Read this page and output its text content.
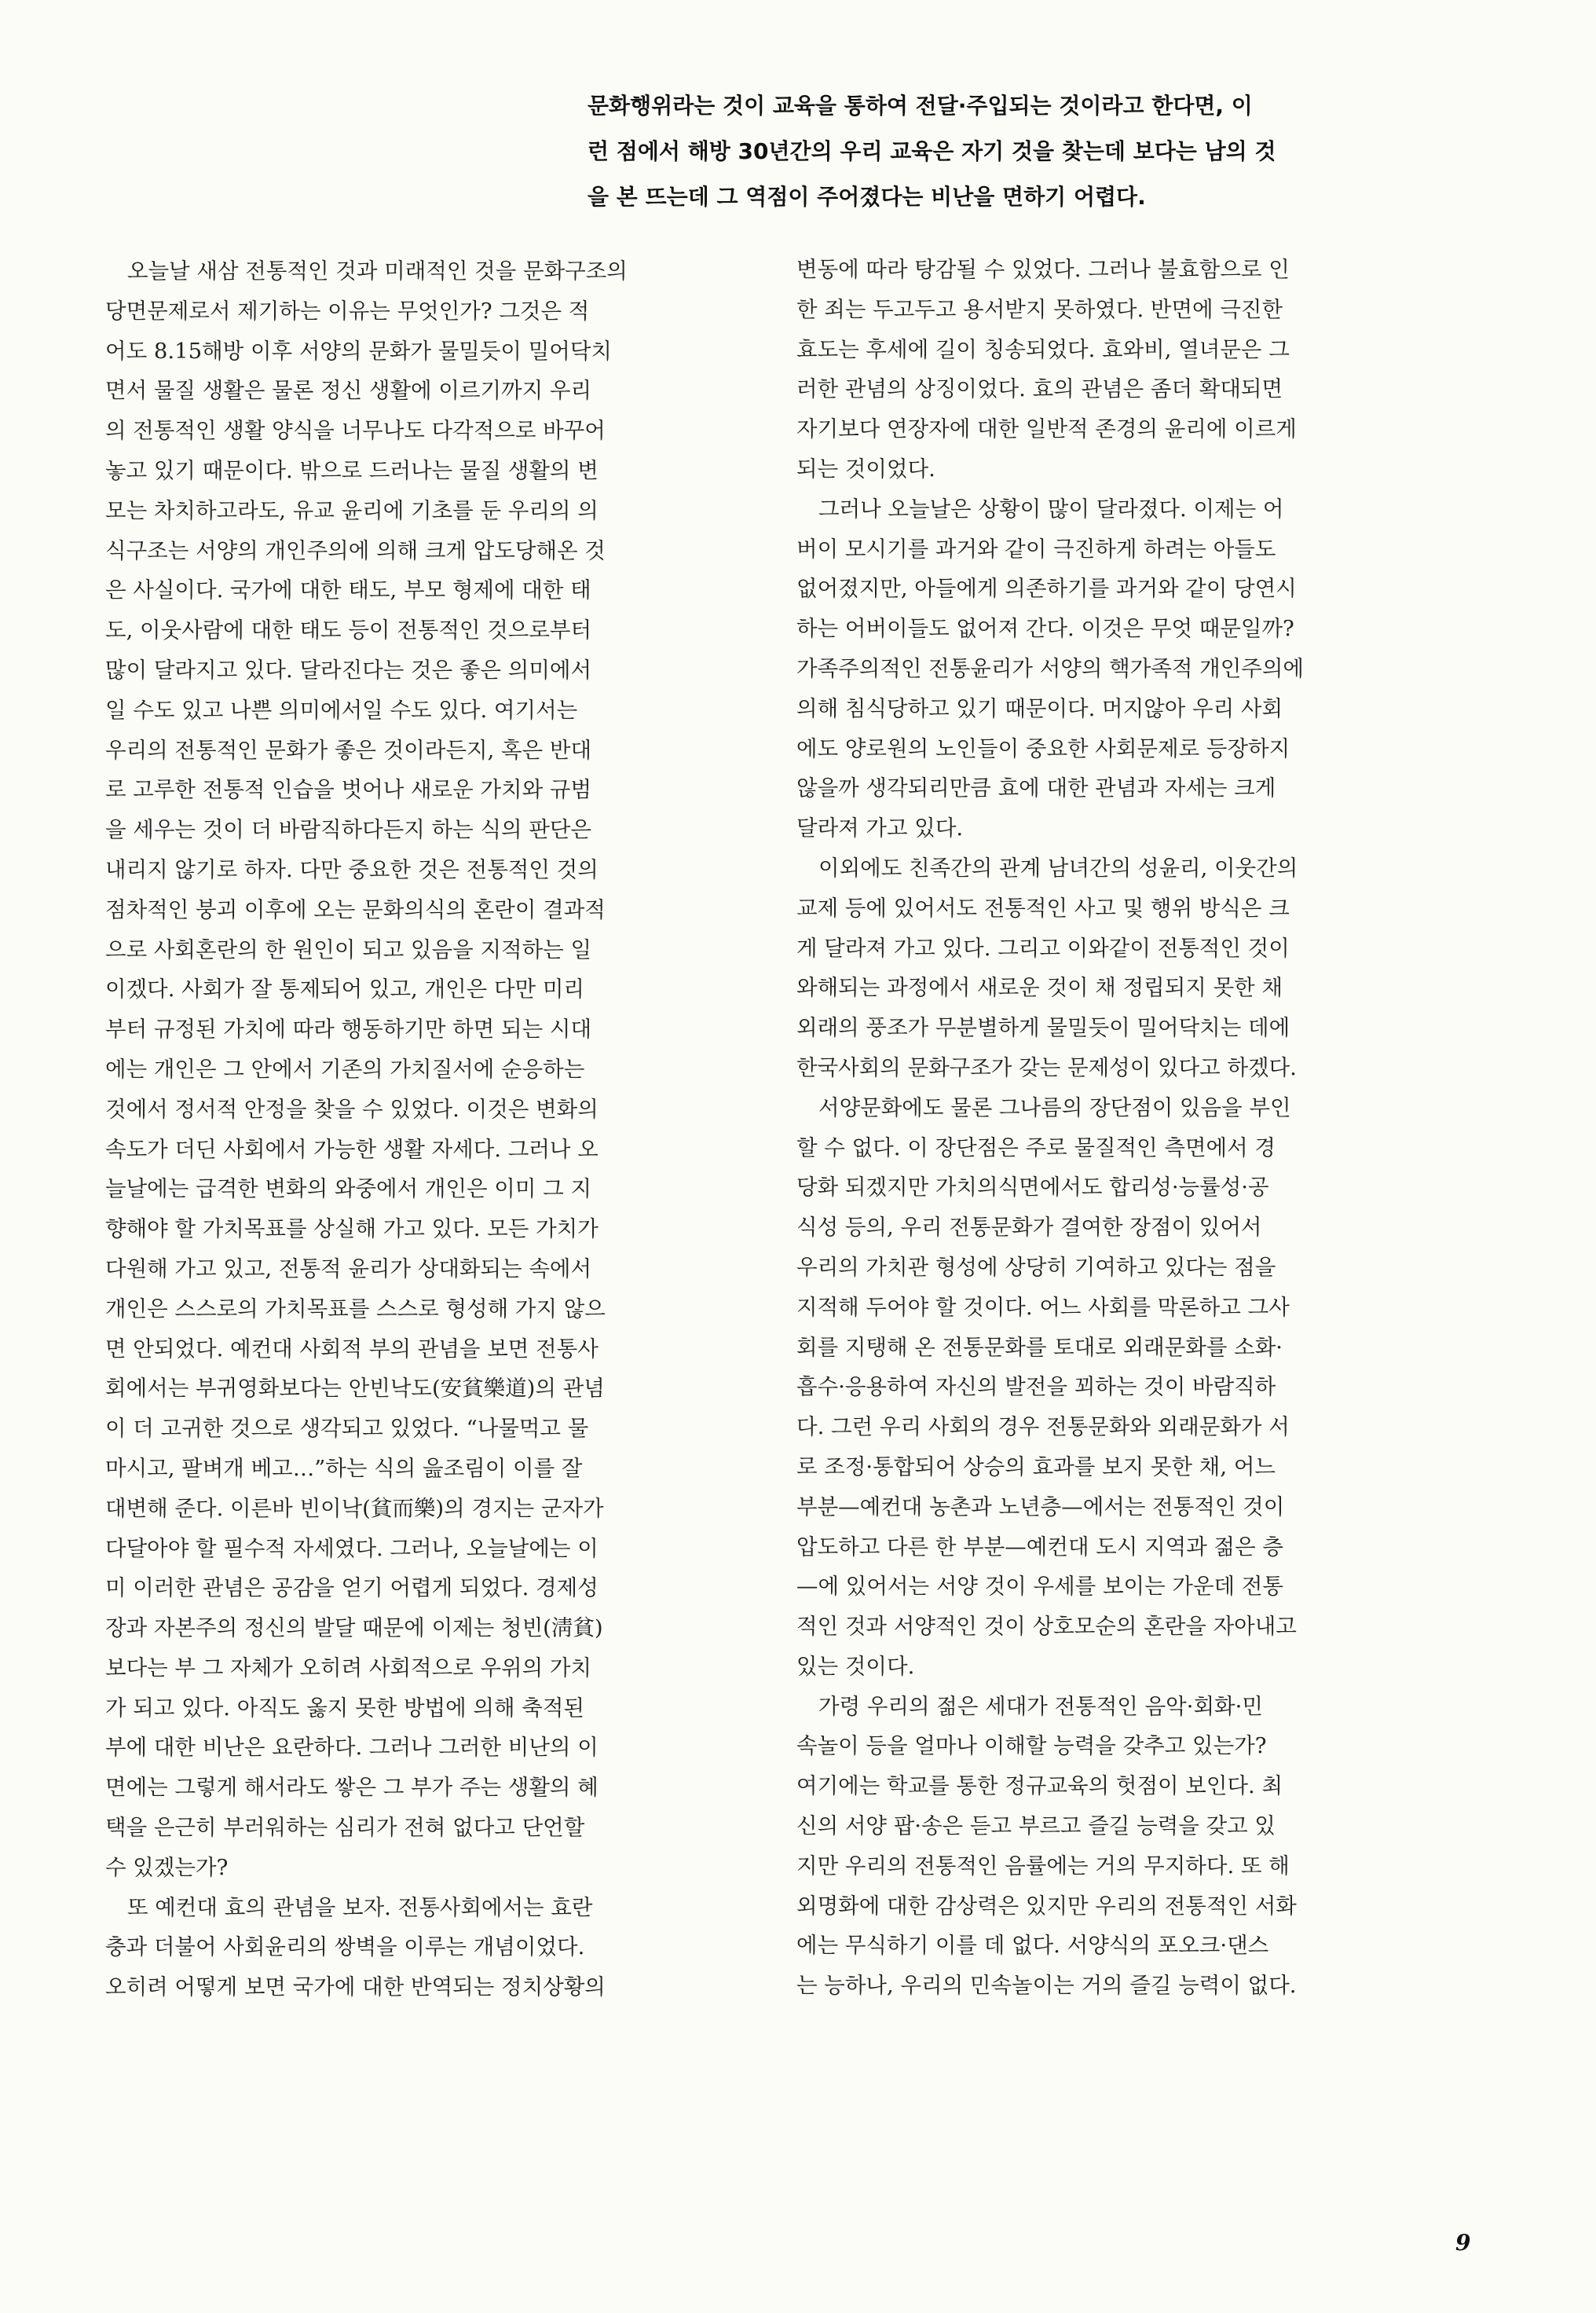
문화행위라는 것이 교육을 통하여 전달·주입되는 것이라고 한다면, 이
런 점에서 해방 30년간의 우리 교육은 자기 것을 찾는데 보다는 남의 것
을 본 뜨는데 그 역점이 주어졌다는 비난을 면하기 어렵다.
오늘날 새삼 전통적인 것과 미래적인 것을 문화구조의
당면문제로서 제기하는 이유는 무엇인가? 그것은 적
어도 8.15해방 이후 서양의 문화가 물밀듯이 밀어닥치
면서 물질 생활은 물론 정신 생활에 이르기까지 우리
의 전통적인 생활 양식을 너무나도 다각적으로 바꾸어
놓고 있기 때문이다. 밖으로 드러나는 물질 생활의 변
모는 차치하고라도, 유교 윤리에 기초를 둔 우리의 의
식구조는 서양의 개인주의에 의해 크게 압도당해온 것
은 사실이다. 국가에 대한 태도, 부모 형제에 대한 태
도, 이웃사람에 대한 태도 등이 전통적인 것으로부터
많이 달라지고 있다. 달라진다는 것은 좋은 의미에서
일 수도 있고 나쁜 의미에서일 수도 있다. 여기서는
우리의 전통적인 문화가 좋은 것이라든지, 혹은 반대
로 고루한 전통적 인습을 벗어나 새로운 가치와 규범
을 세우는 것이 더 바람직하다든지 하는 식의 판단은
내리지 않기로 하자. 다만 중요한 것은 전통적인 것의
점차적인 붕괴 이후에 오는 문화의식의 혼란이 결과적
으로 사회혼란의 한 원인이 되고 있음을 지적하는 일
이겠다. 사회가 잘 통제되어 있고, 개인은 다만 미리
부터 규정된 가치에 따라 행동하기만 하면 되는 시대
에는 개인은 그 안에서 기존의 가치질서에 순응하는
것에서 정서적 안정을 찾을 수 있었다. 이것은 변화의
속도가 더딘 사회에서 가능한 생활 자세다. 그러나 오
늘날에는 급격한 변화의 와중에서 개인은 이미 그 지
향해야 할 가치목표를 상실해 가고 있다. 모든 가치가
다원해 가고 있고, 전통적 윤리가 상대화되는 속에서
개인은 스스로의 가치목표를 스스로 형성해 가지 않으
면 안되었다. 예컨대 사회적 부의 관념을 보면 전통사
회에서는 부귀영화보다는 안빈낙도(安貧樂道)의 관념
이 더 고귀한 것으로 생각되고 있었다. “나물먹고 물
마시고, 팔벼개 베고…”하는 식의 읊조림이 이를 잘
대변해 준다. 이른바 빈이낙(貧而樂)의 경지는 군자가
다달아야 할 필수적 자세였다. 그러나, 오늘날에는 이
미 이러한 관념은 공감을 얻기 어렵게 되었다. 경제성
장과 자본주의 정신의 발달 때문에 이제는 청빈(淸貧)
보다는 부 그 자체가 오히려 사회적으로 우위의 가치
가 되고 있다. 아직도 옳지 못한 방법에 의해 축적된
부에 대한 비난은 요란하다. 그러나 그러한 비난의 이
면에는 그렇게 해서라도 쌓은 그 부가 주는 생활의 혜
택을 은근히 부러워하는 심리가 전혀 없다고 단언할
수 있겠는가?
또 예컨대 효의 관념을 보자. 전통사회에서는 효란
충과 더불어 사회윤리의 쌍벽을 이루는 개념이었다.
오히려 어떻게 보면 국가에 대한 반역되는 정치상황의
변동에 따라 탕감될 수 있었다. 그러나 불효함으로 인
한 죄는 두고두고 용서받지 못하였다. 반면에 극진한
효도는 후세에 길이 칭송되었다. 효와비, 열녀문은 그
러한 관념의 상징이었다. 효의 관념은 좀더 확대되면
자기보다 연장자에 대한 일반적 존경의 윤리에 이르게
되는 것이었다.
그러나 오늘날은 상황이 많이 달라졌다. 이제는 어
버이 모시기를 과거와 같이 극진하게 하려는 아들도
없어졌지만, 아들에게 의존하기를 과거와 같이 당연시
하는 어버이들도 없어져 간다. 이것은 무엇 때문일까?
가족주의적인 전통윤리가 서양의 핵가족적 개인주의에
의해 침식당하고 있기 때문이다. 머지않아 우리 사회
에도 양로원의 노인들이 중요한 사회문제로 등장하지
않을까 생각되리만큼 효에 대한 관념과 자세는 크게
달라져 가고 있다.
이외에도 친족간의 관계 남녀간의 성윤리, 이웃간의
교제 등에 있어서도 전통적인 사고 및 행위 방식은 크
게 달라져 가고 있다. 그리고 이와같이 전통적인 것이
와해되는 과정에서 새로운 것이 채 정립되지 못한 채
외래의 풍조가 무분별하게 물밀듯이 밀어닥치는 데에
한국사회의 문화구조가 갖는 문제성이 있다고 하겠다.
서양문화에도 물론 그나름의 장단점이 있음을 부인
할 수 없다. 이 장단점은 주로 물질적인 측면에서 경
당화 되겠지만 가치의식면에서도 합리성·능률성·공
식성 등의, 우리 전통문화가 결여한 장점이 있어서
우리의 가치관 형성에 상당히 기여하고 있다는 점을
지적해 두어야 할 것이다. 어느 사회를 막론하고 그사
회를 지탱해 온 전통문화를 토대로 외래문화를 소화·
흡수·응용하여 자신의 발전을 꾀하는 것이 바람직하
다. 그런 우리 사회의 경우 전통문화와 외래문화가 서
로 조정·통합되어 상승의 효과를 보지 못한 채, 어느
부분—예컨대 농촌과 노년층—에서는 전통적인 것이
압도하고 다른 한 부분—예컨대 도시 지역과 젊은 층
—에 있어서는 서양 것이 우세를 보이는 가운데 전통
적인 것과 서양적인 것이 상호모순의 혼란을 자아내고
있는 것이다.
가령 우리의 젊은 세대가 전통적인 음악·회화·민
속놀이 등을 얼마나 이해할 능력을 갖추고 있는가?
여기에는 학교를 통한 정규교육의 헛점이 보인다. 최
신의 서양 팝·송은 듣고 부르고 즐길 능력을 갖고 있
지만 우리의 전통적인 음률에는 거의 무지하다. 또 해
외명화에 대한 감상력은 있지만 우리의 전통적인 서화
에는 무식하기 이를 데 없다. 서양식의 포오크·댄스
는 능하나, 우리의 민속놀이는 거의 즐길 능력이 없다.
9
